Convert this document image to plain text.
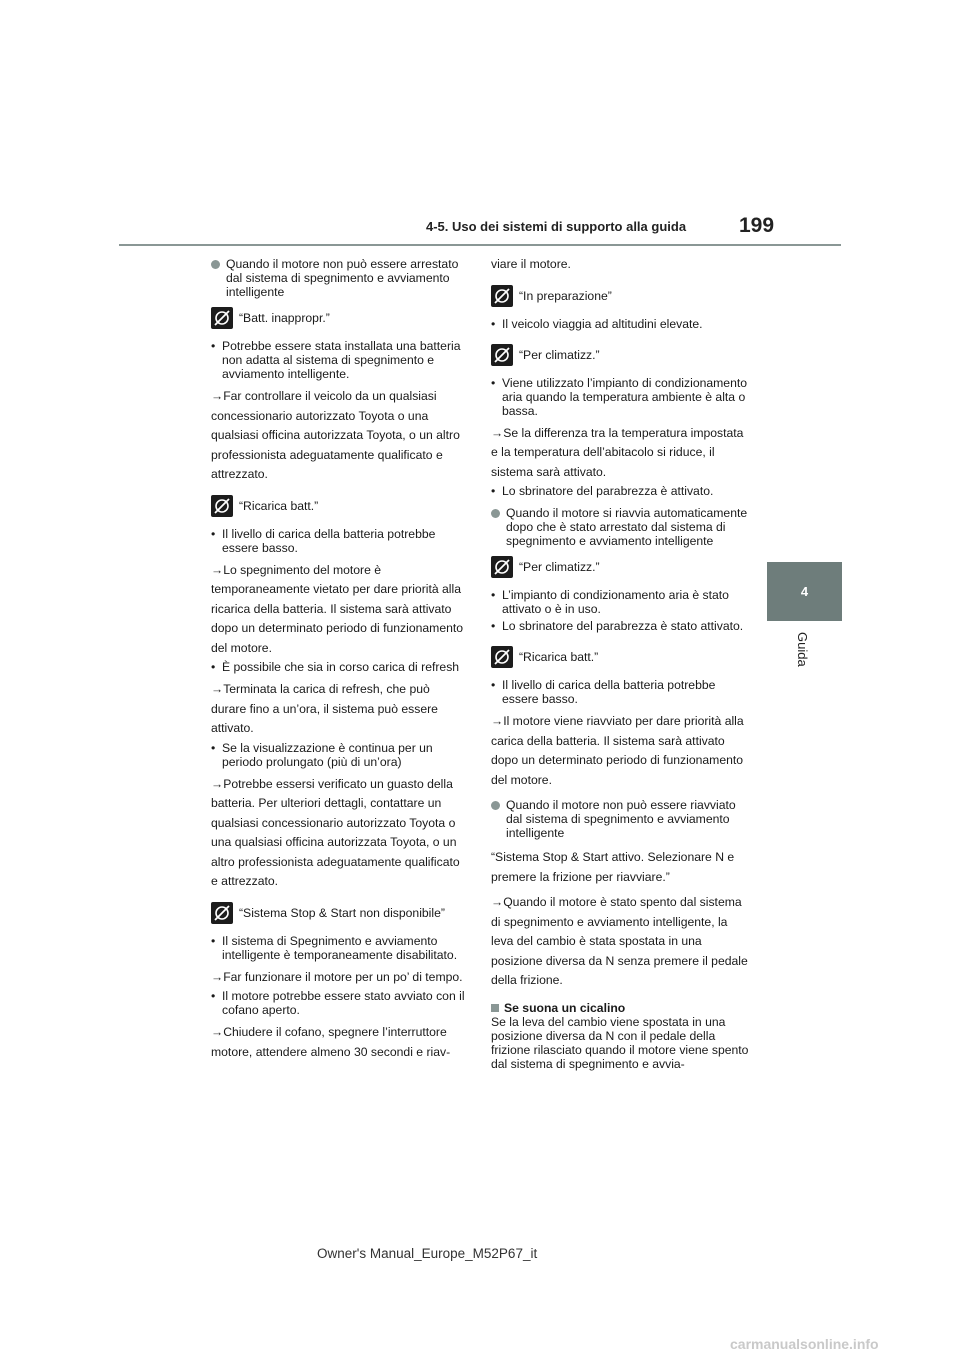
4-5. Uso dei sistemi di supporto alla guida	199
4
Guida

Quando il motore non può essere arrestato dal sistema di spegnimento e avviamento intelligente

“Batt. inappropr.”

• Potrebbe essere stata installata una batteria non adatta al sistema di spegnimento e avviamento intelligente.

→Far controllare il veicolo da un qualsiasi concessionario autorizzato Toyota o una qualsiasi officina autorizzata Toyota, o un altro professionista adeguatamente qualificato e attrezzato.

“Ricarica batt.”

• Il livello di carica della batteria potrebbe essere basso.

→Lo spegnimento del motore è temporaneamente vietato per dare priorità alla ricarica della batteria. Il sistema sarà attivato dopo un determinato periodo di funzionamento del motore.

• È possibile che sia in corso carica di refresh

→Terminata la carica di refresh, che può durare fino a un’ora, il sistema può essere attivato.

• Se la visualizzazione è continua per un periodo prolungato (più di un’ora)

→Potrebbe essersi verificato un guasto della batteria. Per ulteriori dettagli, contattare un qualsiasi concessionario autorizzato Toyota o una qualsiasi officina autorizzata Toyota, o un altro professionista adeguatamente qualificato e attrezzato.

“Sistema Stop & Start non disponibile”

• Il sistema di Spegnimento e avviamento intelligente è temporaneamente disabilitato.

→Far funzionare il motore per un po’ di tempo.

• Il motore potrebbe essere stato avviato con il cofano aperto.

→Chiudere il cofano, spegnere l’interruttore motore, attendere almeno 30 secondi e riav-

viare il motore.

“In preparazione”

• Il veicolo viaggia ad altitudini elevate.

“Per climatizz.”

• Viene utilizzato l’impianto di condizionamento aria quando la temperatura ambiente è alta o bassa.

→Se la differenza tra la temperatura impostata e la temperatura dell’abitacolo si riduce, il sistema sarà attivato.

• Lo sbrinatore del parabrezza è attivato.

Quando il motore si riavvia automaticamente dopo che è stato arrestato dal sistema di spegnimento e avviamento intelligente

“Per climatizz.”

• L’impianto di condizionamento aria è stato attivato o è in uso.

• Lo sbrinatore del parabrezza è stato attivato.

“Ricarica batt.”

• Il livello di carica della batteria potrebbe essere basso.

→Il motore viene riavviato per dare priorità alla carica della batteria. Il sistema sarà attivato dopo un determinato periodo di funzionamento del motore.

Quando il motore non può essere riavviato dal sistema di spegnimento e avviamento intelligente

“Sistema Stop & Start attivo. Selezionare N e premere la frizione per riavviare.”

→Quando il motore è stato spento dal sistema di spegnimento e avviamento intelligente, la leva del cambio è stata spostata in una posizione diversa da N senza premere il pedale della frizione.

Se suona un cicalino

Se la leva del cambio viene spostata in una posizione diversa da N con il pedale della frizione rilasciato quando il motore viene spento dal sistema di spegnimento e avvia-

Owner's Manual_Europe_M52P67_it
carmanualsonline.info
